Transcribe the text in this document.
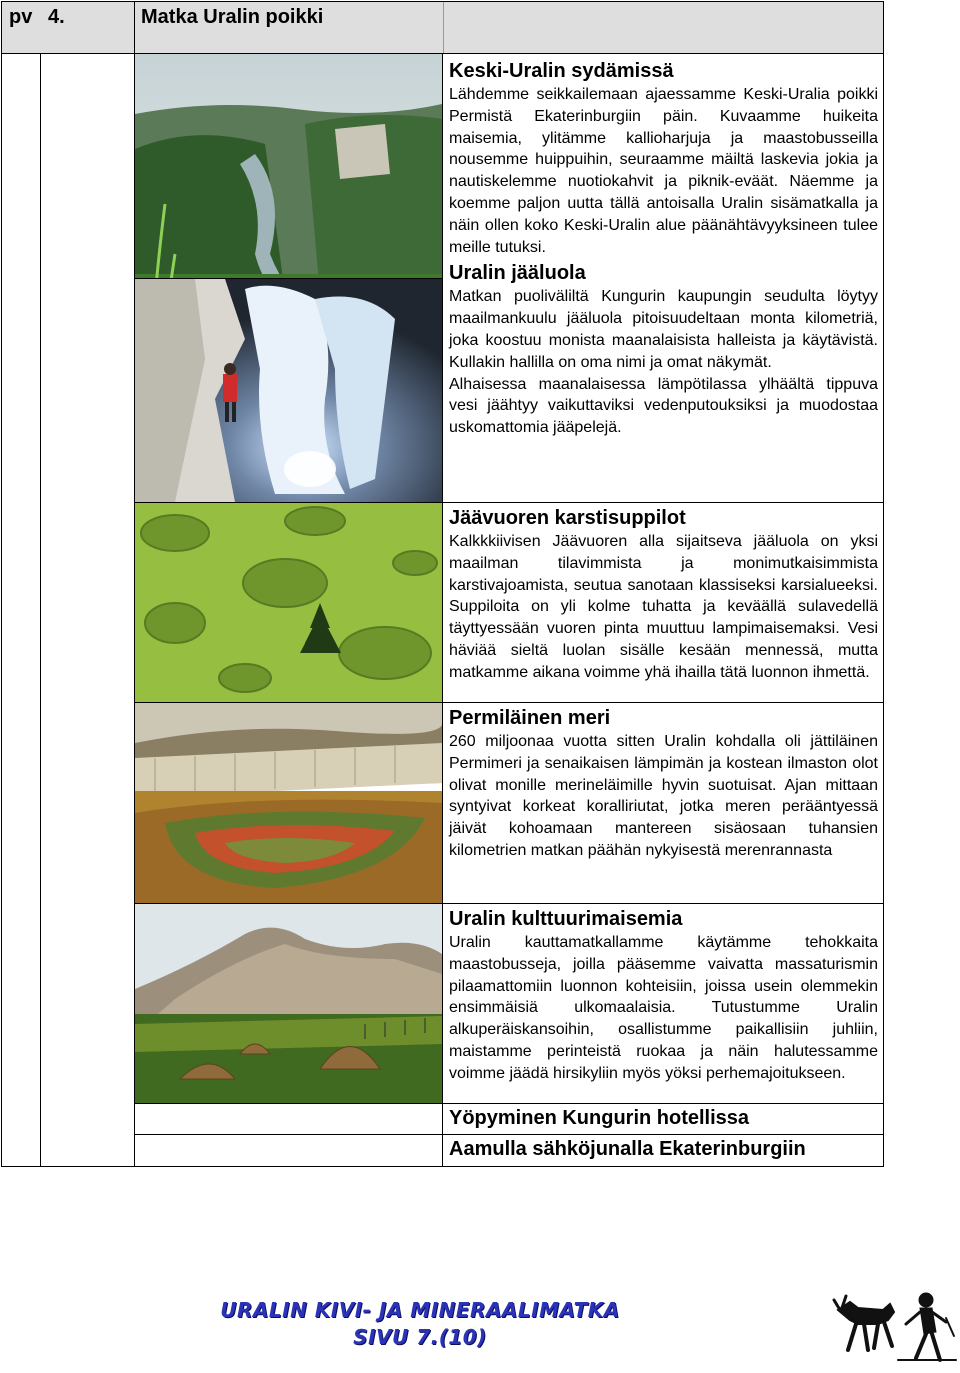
pv 4.	Matka Uralin poikki
Keski-Uralin sydämissä

Lähdemme seikkailemaan ajaessamme Keski-Uralia poikki Permistä Ekaterinburgiin päin. Kuvaamme huikeita maisemia, ylitämme kallioharjuja ja maastobusseilla nousemme huippuihin, seuraamme mäiltä laskevia jokia ja nautiskelemme nuotiokahvit ja piknik-eväät. Näemme ja koemme paljon uutta tällä antoisalla Uralin sisämatkalla ja näin ollen koko Keski-Uralin alue päänähtävyyksineen tulee meille tutuksi.

Uralin jääluola

Matkan puoliväliltä Kungurin kaupungin seudulta löytyy maailmankuulu jääluola pitoisuudeltaan monta kilometriä, joka koostuu monista maanalaisista halleista ja käytävistä. Kullakin hallilla on oma nimi ja omat näkymät.

Alhaisessa maanalaisessa lämpötilassa ylhäältä tippuva vesi jäähtyy vaikuttaviksi vedenputouksiksi ja muodostaa uskomattomia jääpelejä.

Jäävuoren karstisuppilot

Kalkkkiivisen Jäävuoren alla sijaitseva jääluola on yksi maailman tilavimmista ja monimutkaisimmista karstivajoamista, seutua sanotaan klassiseksi karsialueeksi. Suppiloita on yli kolme tuhatta ja keväällä sulavedellä täyttyessään vuoren pinta muuttuu lampimaisemaksi. Vesi häviää sieltä luolan sisälle kesään mennessä, mutta matkamme aikana voimme yhä ihailla tätä luonnon ihmettä.

Permiläinen meri

260 miljoonaa vuotta sitten Uralin kohdalla oli jättiläinen Permimeri ja senaikaisen lämpimän ja kostean ilmaston olot olivat monille merineläimille hyvin suotuisat. Ajan mittaan syntyivat korkeat koralliriutat, jotka meren perääntyessä jäivät kohoamaan mantereen sisäosaan tuhansien kilometrien matkan päähän nykyisestä merenrannasta

Uralin kulttuurimaisemia

Uralin kauttamatkallamme käytämme tehokkaita maastobusseja, joilla pääsemme vaivatta massaturismin pilaamattomiin luonnon kohteisiin, joissa usein olemmekin ensimmäisiä ulkomaalaisia. Tutustumme Uralin alkuperäiskansoihin, osallistumme paikallisiin juhliin, maistamme perinteistä ruokaa ja näin halutessamme voimme jäädä hirsikyliin myös yöksi perhemajoitukseen.

Yöpyminen Kungurin hotellissa
Aamulla sähköjunalla Ekaterinburgiin
URALIN KIVI- JA MINERAALIMATKA
SIVU 7.(10)
